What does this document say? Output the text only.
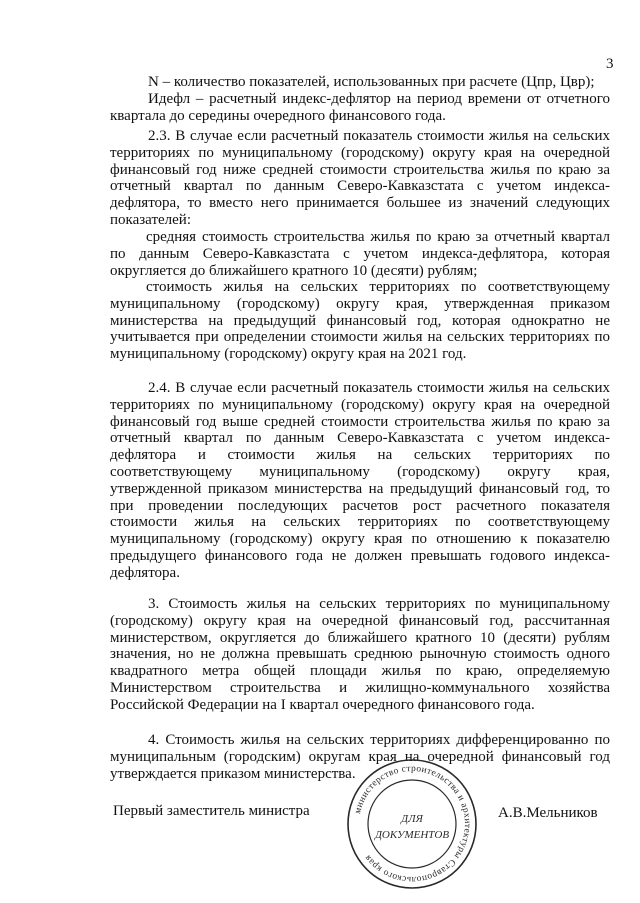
3
N – количество показателей, использованных при расчете (Цпр, Цвр);
Идефл – расчетный индекс-дефлятор на период времени от отчетного квартала до середины очередного финансового года.
2.3. В случае если расчетный показатель стоимости жилья на сельских территориях по муниципальному (городскому) округу края на очередной финансовый год ниже средней стоимости строительства жилья по краю за отчетный квартал по данным Северо-Кавказстата с учетом индекса-дефлятора, то вместо него принимается большее из значений следующих показателей:
средняя стоимость строительства жилья по краю за отчетный квартал по данным Северо-Кавказстата с учетом индекса-дефлятора, которая округляется до ближайшего кратного 10 (десяти) рублям;
стоимость жилья на сельских территориях по соответствующему муниципальному (городскому) округу края, утвержденная приказом министерства на предыдущий финансовый год, которая однократно не учитывается при определении стоимости жилья на сельских территориях по муниципальному (городскому) округу края на 2021 год.
2.4. В случае если расчетный показатель стоимости жилья на сельских территориях по муниципальному (городскому) округу края на очередной финансовый год выше средней стоимости строительства жилья по краю за отчетный квартал по данным Северо-Кавказстата с учетом индекса-дефлятора и стоимости жилья на сельских территориях по соответствующему муниципальному (городскому) округу края, утвержденной приказом министерства на предыдущий финансовый год, то при проведении последующих расчетов рост расчетного показателя стоимости жилья на сельских территориях по соответствующему муниципальному (городскому) округу края по отношению к показателю предыдущего финансового года не должен превышать годового индекса-дефлятора.
3. Стоимость жилья на сельских территориях по муниципальному (городскому) округу края на очередной финансовый год, рассчитанная министерством, округляется до ближайшего кратного 10 (десяти) рублям значения, но не должна превышать среднюю рыночную стоимость одного квадратного метра общей площади жилья по краю, определяемую Министерством строительства и жилищно-коммунального хозяйства Российской Федерации на I квартал очередного финансового года.
4. Стоимость жилья на сельских территориях дифференцированно по муниципальным (городским) округам края на очередной финансовый год утверждается приказом министерства.
Первый заместитель министра	А.В.Мельников
министерство строительства и архитектуры Ставропольского края
ДЛЯ
ДОКУМЕНТОВ
